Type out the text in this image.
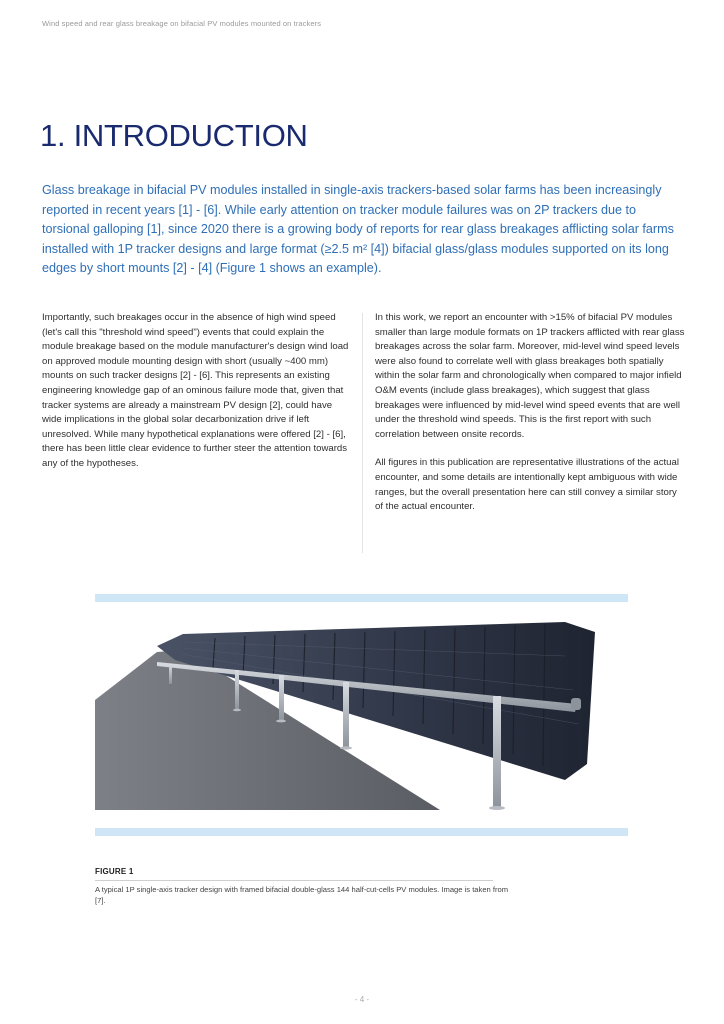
Wind speed and rear glass breakage on bifacial PV modules mounted on trackers
1. INTRODUCTION

Glass breakage in bifacial PV modules installed in single-axis trackers-based solar farms has been increasingly reported in recent years [1] - [6]. While early attention on tracker module failures was on 2P trackers due to torsional galloping [1], since 2020 there is a growing body of reports for rear glass breakages afflicting solar farms installed with 1P tracker designs and large format (≥2.5 m² [4]) bifacial glass/glass modules supported on its long edges by short mounts [2] - [4] (Figure 1 shows an example).

Importantly, such breakages occur in the absence of high wind speed (let's call this "threshold wind speed") events that could explain the module breakage based on the module manufacturer's design wind load on approved module mounting design with short (usually ~400 mm) mounts on such tracker designs [2] - [6]. This represents an existing engineering knowledge gap of an ominous failure mode that, given that tracker systems are already a mainstream PV design [2], could have wide implications in the global solar decarbonization drive if left unresolved. While many hypothetical explanations were offered [2] - [6], there has been little clear evidence to further steer the attention towards any of the hypotheses.

In this work, we report an encounter with >15% of bifacial PV modules smaller than large module formats on 1P trackers afflicted with rear glass breakages across the solar farm. Moreover, mid-level wind speed levels were also found to correlate well with glass breakages both spatially within the solar farm and chronologically when compared to major infield O&M events (include glass breakages), which suggest that glass breakages were influenced by mid-level wind speed events that are well under the threshold wind speeds. This is the first report with such correlation between onsite records.

All figures in this publication are representative illustrations of the actual encounter, and some details are intentionally kept ambiguous with wide ranges, but the overall presentation here can still convey a similar story of the actual encounter.

FIGURE 1

A typical 1P single-axis tracker design with framed bifacial double-glass 144 half-cut-cells PV modules. Image is taken from [7].

- 4 -
